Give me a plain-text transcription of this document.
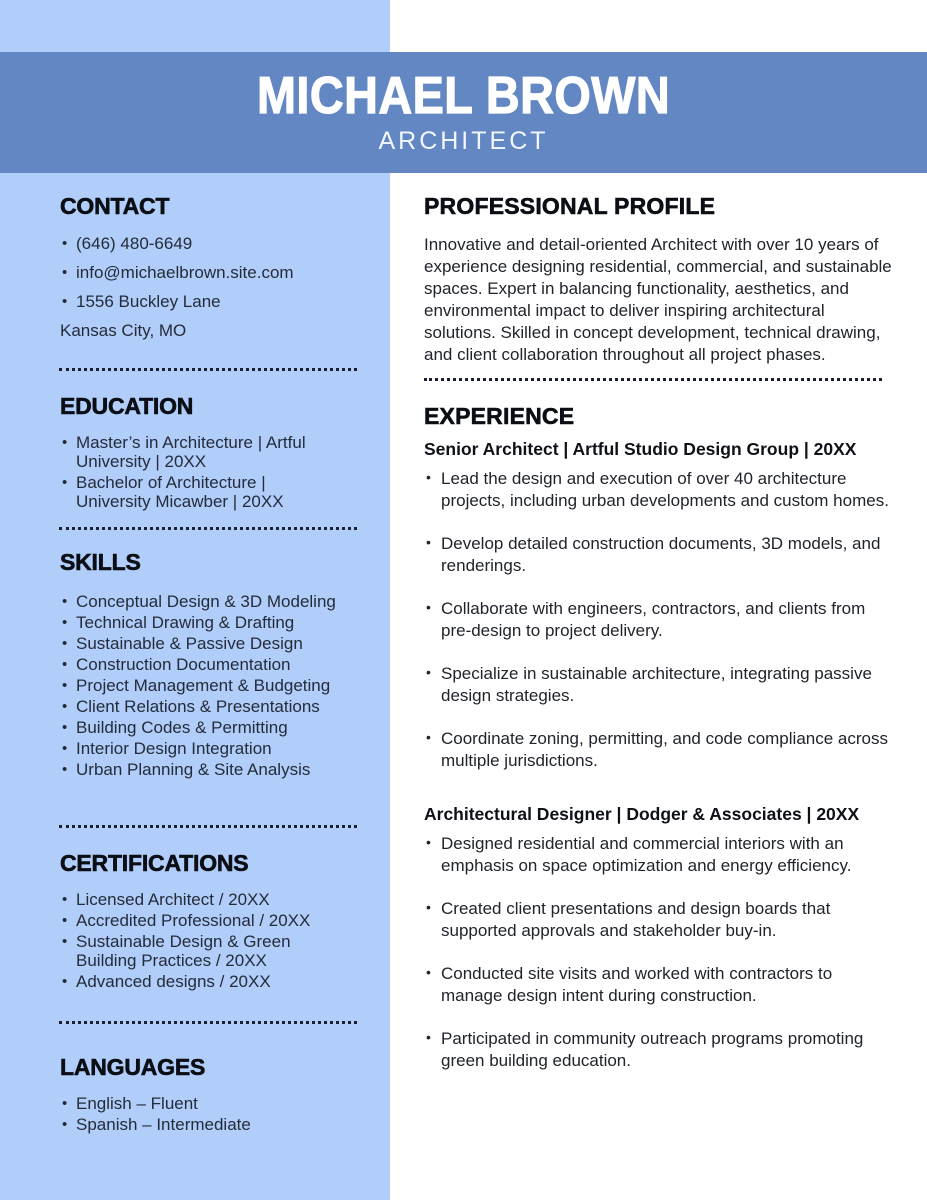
MICHAEL BROWN
ARCHITECT
CONTACT
• (646) 480-6649
• info@michaelbrown.site.com
• 1556 Buckley Lane
Kansas City, MO
EDUCATION
• Master’s in Architecture | Artful University | 20XX
• Bachelor of Architecture | University Micawber | 20XX
SKILLS
• Conceptual Design & 3D Modeling
• Technical Drawing & Drafting
• Sustainable & Passive Design
• Construction Documentation
• Project Management & Budgeting
• Client Relations & Presentations
• Building Codes & Permitting
• Interior Design Integration
• Urban Planning & Site Analysis
CERTIFICATIONS
• Licensed Architect / 20XX
• Accredited Professional / 20XX
• Sustainable Design & Green Building Practices / 20XX
• Advanced designs / 20XX
LANGUAGES
• English – Fluent
• Spanish – Intermediate
PROFESSIONAL PROFILE

Innovative and detail-oriented Architect with over 10 years of experience designing residential, commercial, and sustainable spaces. Expert in balancing functionality, aesthetics, and environmental impact to deliver inspiring architectural solutions. Skilled in concept development, technical drawing, and client collaboration throughout all project phases.

EXPERIENCE
Senior Architect | Artful Studio Design Group | 20XX
• Lead the design and execution of over 40 architecture projects, including urban developments and custom homes.
• Develop detailed construction documents, 3D models, and renderings.
• Collaborate with engineers, contractors, and clients from pre-design to project delivery.
• Specialize in sustainable architecture, integrating passive design strategies.
• Coordinate zoning, permitting, and code compliance across multiple jurisdictions.
Architectural Designer | Dodger & Associates | 20XX
• Designed residential and commercial interiors with an emphasis on space optimization and energy efficiency.
• Created client presentations and design boards that supported approvals and stakeholder buy-in.
• Conducted site visits and worked with contractors to manage design intent during construction.
• Participated in community outreach programs promoting green building education.
